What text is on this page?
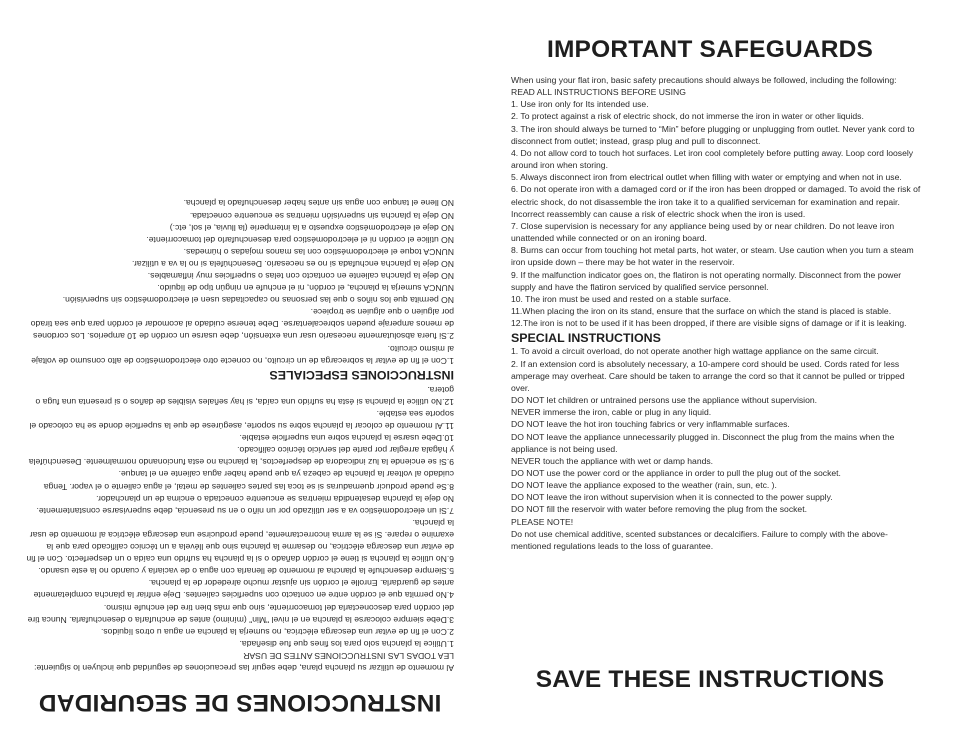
INSTRUCCIONES DE SEGURIDAD

Al momento de utilizar su plancha plana, debe seguir las precauciones de seguridad que incluyen lo siguiente:

LEA TODAS LAS INSTRUCCIONES ANTES DE USAR

1.Utilice la plancha solo para los fines que fue diseñada.

2.Con el fin de evitar una descarga eléctrica, no sumerja la plancha en agua u otros líquidos.

3.Debe siempre colocarse la plancha en el nivel "Min" (mínimo) antes de enchufarla o desenchufarla. Nunca tire del cordón para desconectarla del tomacorriente, sino que más bien tire del enchufe mismo.

4.No permita que el cordón entre en contacto con superficies calientes. Deje enfriar la plancha completamente antes de guardarla. Enrolle el cordón sin ajustar mucho alrededor de la plancha.

5.Siempre desenchufe la plancha al momento de llenarla con agua o de vaciarla y cuando no la este usando.

6.No utilice la plancha si tiene el cordón dañado o si la plancha ha sufrido una caída o un desperfecto. Con el fin de evitar una descarga eléctrica, no desarme la plancha sino que llévela a un técnico calificado para que la examine o repare. Si se la arma incorrectamente, puede producirse una descarga eléctrica al momento de usar la plancha.

7.Si un electrodoméstico va a ser utilizado por un niño o en su presencia, debe supervisarse constantemente. No deje la plancha desatendida mientras se encuentre conectada o encima de un planchador.

8.Se puede producir quemaduras si se toca las partes calientes de metal, el agua caliente o el vapor. Tenga cuidado al voltear la plancha de cabeza ya que puede haber agua caliente en el tanque.

9.Si se enciende la luz indicadora de desperfectos, la plancha no esta funcionando normalmente. Desenchúfela y hágala arreglar por parte del servicio técnico calificado.

10.Debe usarse la plancha sobre una superficie estable.

11.Al momento de colocar la plancha sobre su soporte, asegúrese de que la superficie donde se ha colocado el soporte sea estable.

12.No utilice la plancha si ésta ha sufrido una caída, si hay señales visibles de daños o si presenta una fuga o gotera.

INSTRUCCIONES ESPECIALES

1.Con el fin de evitar la sobrecarga de un circuito, no conecte otro electrodoméstico de alto consumo de voltaje al mismo circuito.

2.Si fuera absolutamente necesario usar una extensión, debe usarse un cordón de 10 amperios. Los cordones de menos amperaje pueden sobrecalentarse. Debe tenerse cuidado al acomodar el cordón para que sea tirado por alguien o que alguien se tropiece.

NO permita que los niños o que las personas no capacitadas usen el electrodoméstico sin supervisión.

NUNCA sumerja la plancha, el cordón, ni el enchufe en ningún tipo de líquido.

NO deje la plancha caliente en contacto con telas o superficies muy inflamables.

NO deje la plancha enchufada si no es necesario. Desenchúfela si no la va a utilizar.

NUNCA toque el electrodoméstico con las manos mojadas o húmedas.

NO utilice el cordón ni el electrodoméstico para desenchufarlo del tomacorriente.

NO deje el electrodoméstico expuesto a la intemperie (la lluvia, el sol, etc.)

NO deje la plancha sin supervisión mientras se encuentre conectada.

NO llene el tanque con agua sin antes haber desenchufado la plancha.

IMPORTANT SAFEGUARDS

When using your flat iron, basic safety precautions should always be followed, including the following:

READ ALL INSTRUCTIONS BEFORE USING

1. Use iron only for Its intended use.

2. To protect against a risk of electric shock, do not immerse the iron in water or other liquids.

3. The iron should always be turned to “Min” before plugging or unplugging from outlet. Never yank cord to disconnect from outlet; instead, grasp plug and pull to disconnect.

4. Do not allow cord to touch hot surfaces. Let iron cool completely before putting away. Loop cord loosely around iron when storing.

5. Always disconnect iron from electrical outlet when filling with water or emptying and when not in use.

6. Do not operate iron with a damaged cord or if the iron has been dropped or damaged. To avoid the risk of electric shock, do not disassemble the iron take it to a qualified serviceman for examination and repair. Incorrect reassembly can cause a risk of electric shock when the iron is used.

7. Close supervision is necessary for any appliance being used by or near children. Do not leave iron unattended while connected or on an ironing board.

8. Burns can occur from touching hot metal parts, hot water, or steam. Use caution when you turn a steam iron upside down – there may be hot water in the reservoir.

9. If the malfunction indicator goes on, the flatiron is not operating normally. Disconnect from the power supply and have the flatiron serviced by qualified service personnel.

10. The iron must be used and rested on a stable surface.

11.When placing the iron on its stand, ensure that the surface on which the stand is placed is stable.

12.The iron is not to be used if it has been dropped, if there are visible signs of damage or if it is leaking.

SPECIAL INSTRUCTIONS

1. To avoid a circuit overload, do not operate another high wattage appliance on the same circuit.

2. If an extension cord is absolutely necessary, a 10-ampere cord should be used. Cords rated for less amperage may overheat. Care should be taken to arrange the cord so that it cannot be pulled or tripped over.

DO NOT let children or untrained persons use the appliance without supervision.

NEVER immerse the iron, cable or plug in any liquid.

DO NOT leave the hot iron touching fabrics or very inflammable surfaces.

DO NOT leave the appliance unnecessarily plugged in. Disconnect the plug from the mains when the appliance is not being used.

NEVER touch the appliance with wet or damp hands.

DO NOT use the power cord or the appliance in order to pull the plug out of the socket.

DO NOT leave the appliance exposed to the weather (rain, sun, etc. ).

DO NOT leave the iron without supervision when it is connected to the power supply.

DO NOT fill the reservoir with water before removing the plug from the socket.

PLEASE NOTE!

Do not use chemical additive, scented substances or decalcifiers. Failure to comply with the above-mentioned regulations leads to the loss of guarantee.

SAVE THESE INSTRUCTIONS
